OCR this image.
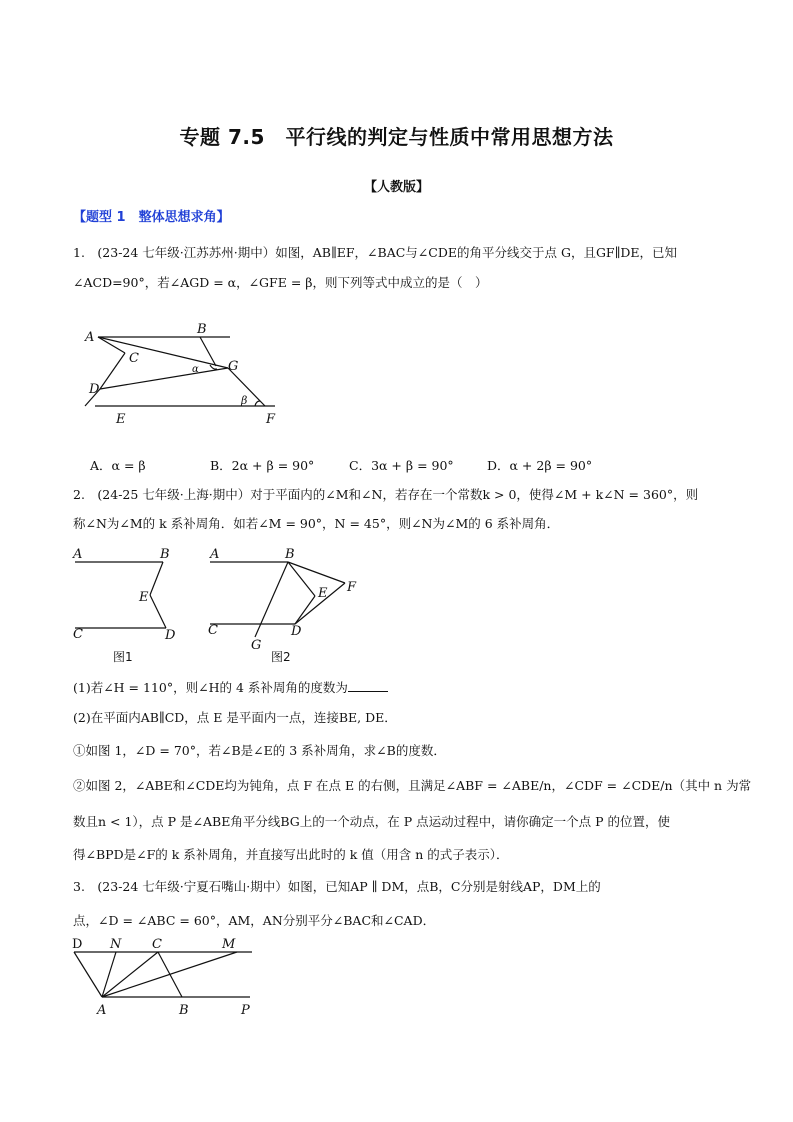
专题 7.5　平行线的判定与性质中常用思想方法
【人教版】
【题型 1　整体思想求角】
1.　(23-24 七年级·江苏苏州·期中）如图，AB∥EF，∠BAC与∠CDE的角平分线交于点 G，且GF∥DE，已知
∠ACD=90°，若∠AGD = α，∠GFE = β，则下列等式中成立的是（　）
A
B
C
G
α
D
β
E	F
A．α = β	B．2α + β = 90°	C．3α + β = 90°	D．α + 2β = 90°
2.　(24-25 七年级·上海·期中）对于平面内的∠M和∠N，若存在一个常数k > 0，使得∠M + k∠N = 360°，则
称∠N为∠M的 k 系补周角．如若∠M = 90°，N = 45°，则∠N为∠M的 6 系补周角．
A	B
E
C	D
图1
A	B
F
E
C	D
G
图2
(1)若∠H = 110°，则∠H的 4 系补周角的度数为
(2)在平面内AB∥CD，点 E 是平面内一点，连接BE, DE．
①如图 1，∠D = 70°，若∠B是∠E的 3 系补周角，求∠B的度数．
②如图 2，∠ABE和∠CDE均为钝角，点 F 在点 E 的右侧，且满足∠ABF = ∠ABE/n，∠CDF = ∠CDE/n（其中 n 为常
数且n < 1），点 P 是∠ABE角平分线BG上的一个动点，在 P 点运动过程中，请你确定一个点 P 的位置，使
得∠BPD是∠F的 k 系补周角，并直接写出此时的 k 值（用含 n 的式子表示）．
3.　(23-24 七年级·宁夏石嘴山·期中）如图，已知AP ∥ DM，点B，C分别是射线AP，DM上的
点，∠D = ∠ABC = 60°，AM，AN分别平分∠BAC和∠CAD．
D N C	M
A	B	P
